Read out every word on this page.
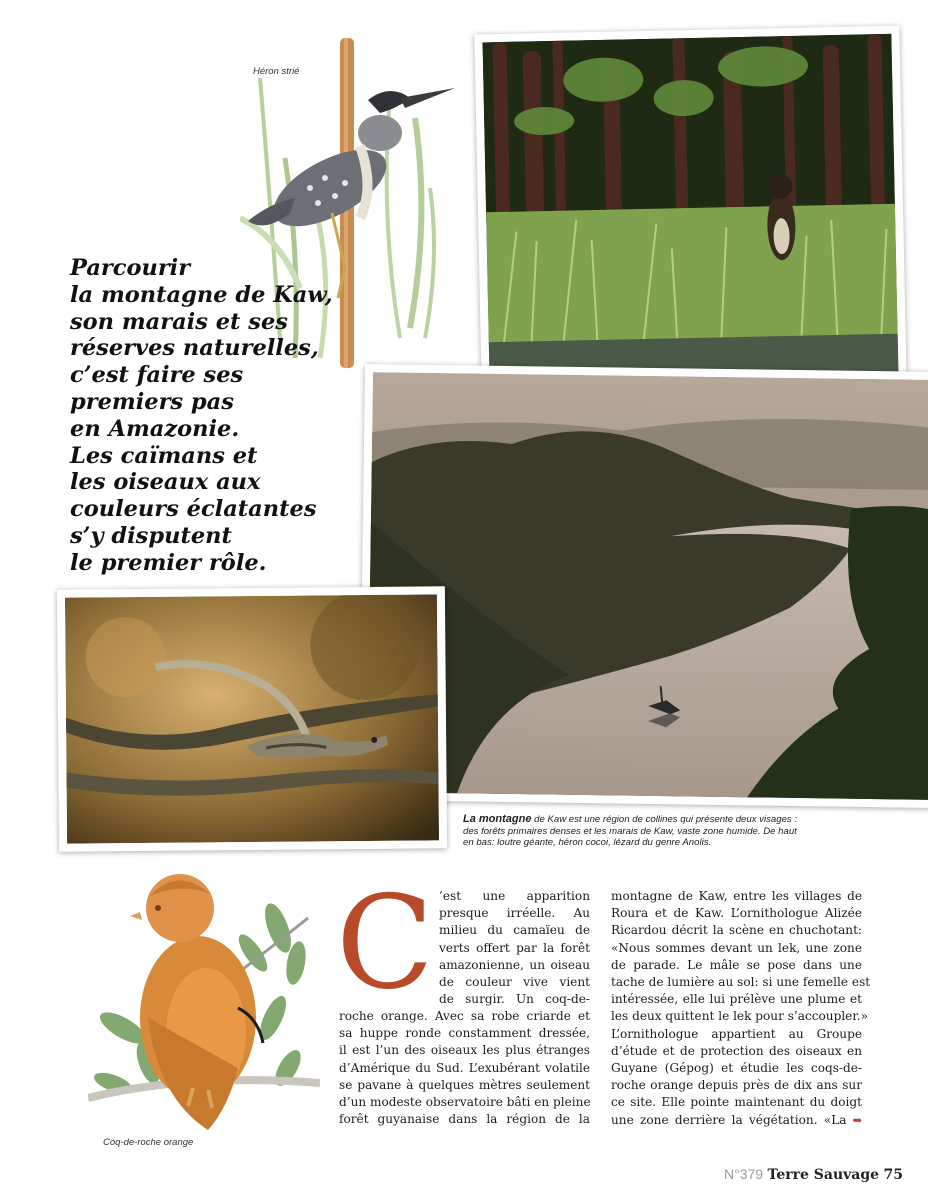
Héron strié
Parcourir
la montagne de Kaw,
son marais et ses
réserves naturelles,
c’est faire ses
premiers pas
en Amazonie.
Les caïmans et
les oiseaux aux
couleurs éclatantes
s’y disputent
le premier rôle.
La montagne de Kaw est une région de collines qui présente deux visages : des forêts primaires denses et les marais de Kaw, vaste zone humide. De haut en bas: loutre géante, héron cocoi, lézard du genre Anolis.
Coq-de-roche orange
C ’est une apparition
presque irréelle. Au
milieu du camaïeu de
verts offert par la forêt
amazonienne, un oiseau
de couleur vive vient
de surgir. Un coq-de-
roche orange. Avec sa robe criarde et
sa huppe ronde constamment dressée,
il est l’un des oiseaux les plus étranges
d’Amérique du Sud. L’exubérant volatile
se pavane à quelques mètres seulement
d’un modeste observatoire bâti en pleine
forêt guyanaise dans la région de la
montagne de Kaw, entre les villages de
Roura et de Kaw. L’ornithologue Alizée
Ricardou décrit la scène en chuchotant:
«Nous sommes devant un lek, une zone
de parade. Le mâle se pose dans une
tache de lumière au sol: si une femelle est
intéressée, elle lui prélève une plume et
les deux quittent le lek pour s’accoupler.»
L’ornithologue appartient au Groupe
d’étude et de protection des oiseaux en
Guyane (Gépog) et étudie les coqs-de-
roche orange depuis près de dix ans sur
ce site. Elle pointe maintenant du doigt
une zone derrière la végétation. «La ➡
N°379 Terre Sauvage 75
